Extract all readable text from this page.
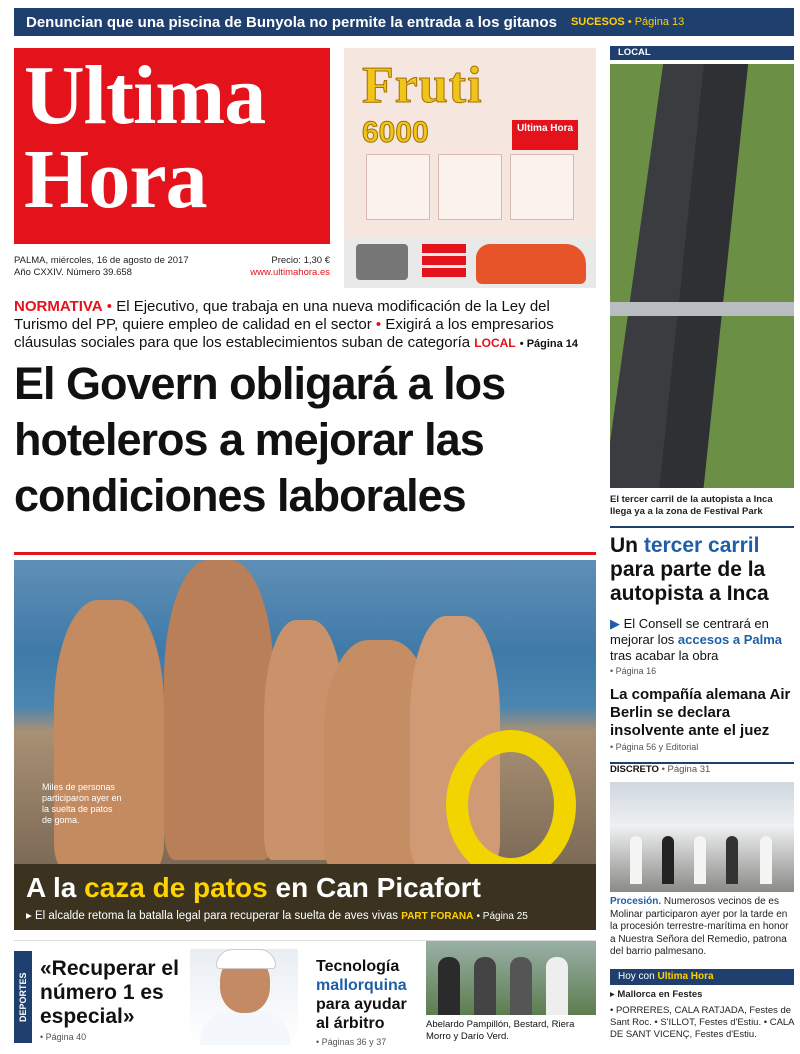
Denuncian que una piscina de Bunyola no permite la entrada a los gitanos SUCESOS • Página 13
Ultima
Hora
PALMA, miércoles, 16 de agosto de 2017
Año CXXIV. Número 39.658
Precio: 1,30 €
www.ultimahora.es
Fruti
6000	Ultima Hora
NORMATIVA • El Ejecutivo, que trabaja en una nueva modificación de la Ley del Turismo del PP, quiere empleo de calidad en el sector • Exigirá a los empresarios cláusulas sociales para que los establecimientos suban de categoría LOCAL • Página 14
El Govern obligará a los hoteleros a mejorar las condiciones laborales
Miles de personas participaron ayer en la suelta de patos de goma.
A la caza de patos en Can Picafort
▸ El alcalde retoma la batalla legal para recuperar la suelta de aves vivas PART FORANA • Página 25
DEPORTES
«Recuperar el número 1 es especial»
• Página 40
Tecnología mallorquina para ayudar al árbitro
• Páginas 36 y 37
Abelardo Pampillón, Bestard, Riera Morro y Darío Verd.
LOCAL
El tercer carril de la autopista a Inca llega ya a la zona de Festival Park
Un tercer carril para parte de la autopista a Inca
▶ El Consell se centrará en mejorar los accesos a Palma tras acabar la obra
• Página 16
La compañía alemana Air Berlin se declara insolvente ante el juez
• Página 56 y Editorial
DISCRETO • Página 31
Procesión. Numerosos vecinos de es Molinar participaron ayer por la tarde en la procesión terrestre-marítima en honor a Nuestra Señora del Remedio, patrona del barrio palmesano.
Hoy con Ultima Hora
▸ Mallorca en Festes
• PORRERES, CALA RATJADA, Festes de Sant Roc. • S'ILLOT, Festes d'Estiu. • CALA DE SANT VICENÇ, Festes d'Estiu.
